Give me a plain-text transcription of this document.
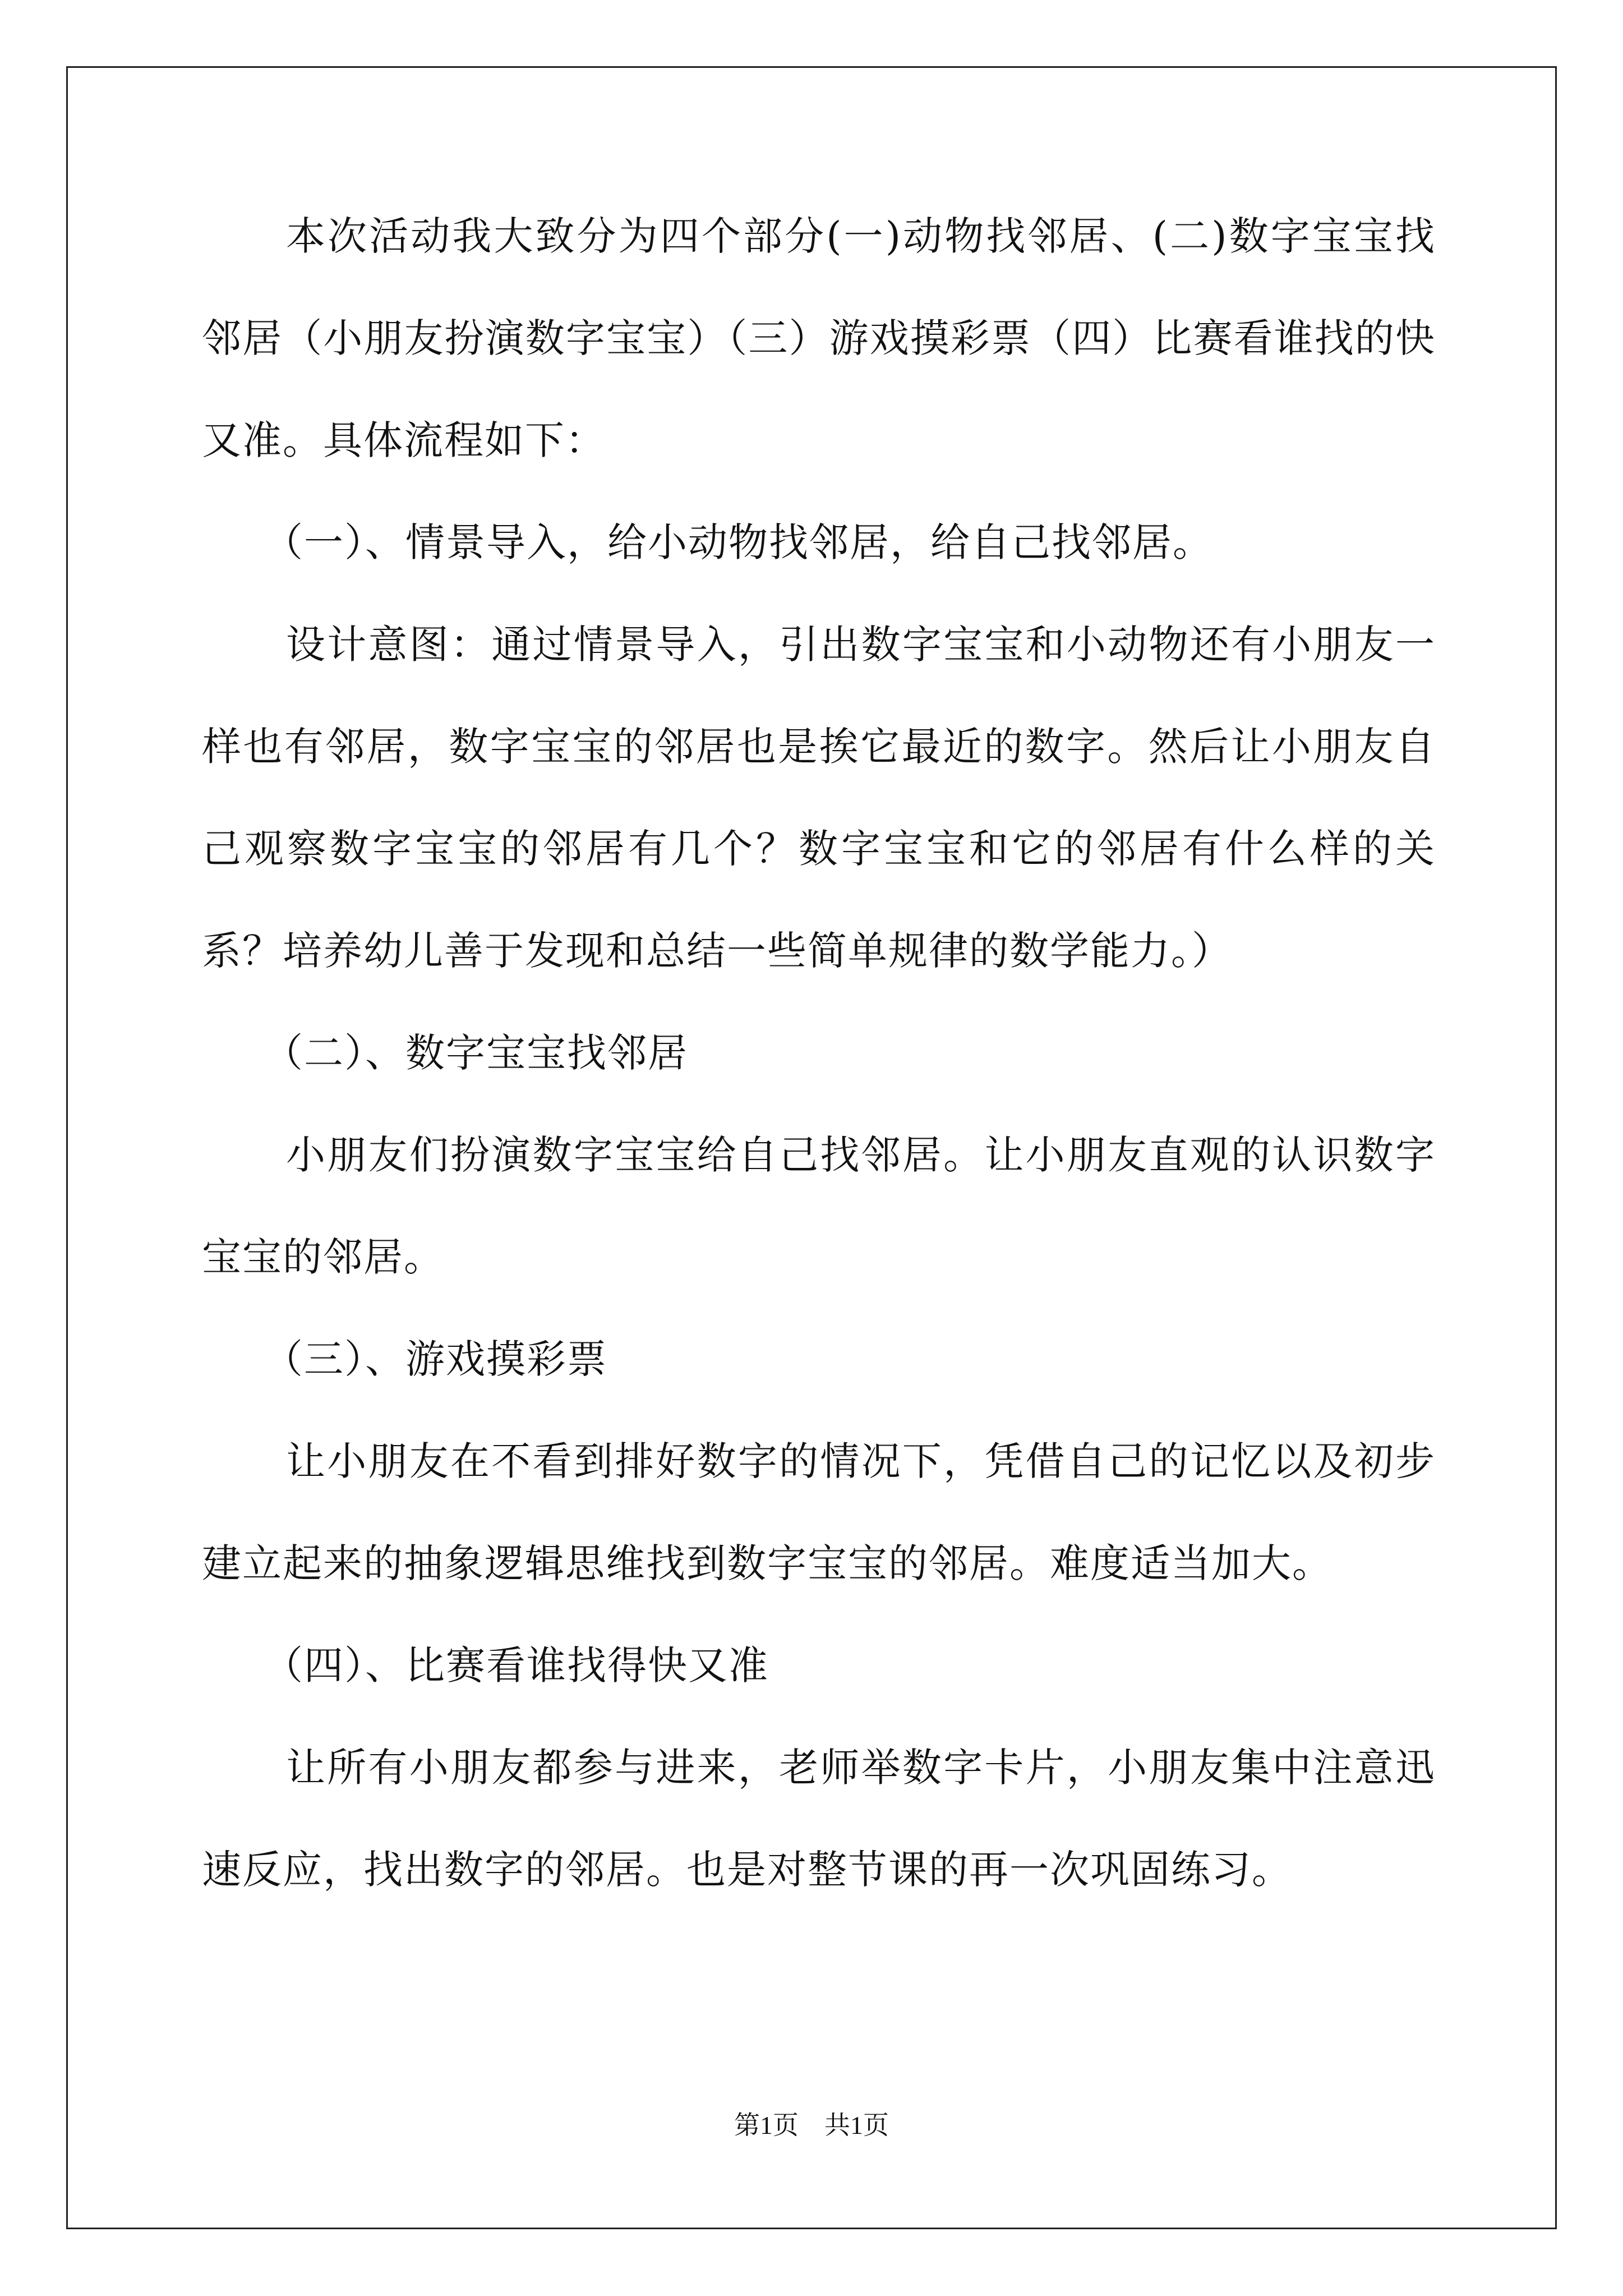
本次活动我大致分为四个部分(一)动物找邻居、(二)数字宝宝找邻居（小朋友扮演数字宝宝）（三）游戏摸彩票（四）比赛看谁找的快又准。具体流程如下：

（一）、情景导入，给小动物找邻居，给自己找邻居。

设计意图：通过情景导入，引出数字宝宝和小动物还有小朋友一样也有邻居，数字宝宝的邻居也是挨它最近的数字。然后让小朋友自己观察数字宝宝的邻居有几个？数字宝宝和它的邻居有什么样的关系？培养幼儿善于发现和总结一些简单规律的数学能力。）

（二）、数字宝宝找邻居

小朋友们扮演数字宝宝给自己找邻居。让小朋友直观的认识数字宝宝的邻居。

（三）、游戏摸彩票

让小朋友在不看到排好数字的情况下，凭借自己的记忆以及初步建立起来的抽象逻辑思维找到数字宝宝的邻居。难度适当加大。

（四）、比赛看谁找得快又准

让所有小朋友都参与进来，老师举数字卡片，小朋友集中注意迅速反应，找出数字的邻居。也是对整节课的再一次巩固练习。

第1页　共1页
